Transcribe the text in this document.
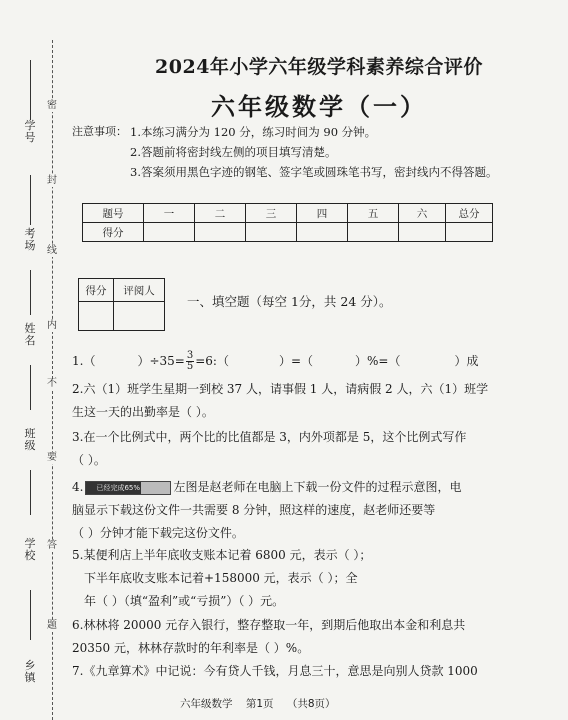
学号
考场
姓名
班级
学校
乡镇
密
封
线
内
不
要
答
题
2024年小学六年级学科素养综合评价
六年级数学（一）
注意事项： 1.本练习满分为 120 分，练习时间为 90 分钟。
2.答题前将密封线左侧的项目填写清楚。
3.答案须用黑色字迹的钢笔、签字笔或圆珠笔书写，密封线内不得答题。
题号	一	二	三	四	五	六	总分
得分							
得分	评阅人

一、填空题（每空 1分，共 24 分）。
1.（	）$\div 35= \frac{3}{5}$ =6:（	）=（	）%=（	）成
2.六（1）班学生星期一到校 37 人，请事假 1 人，请病假 2 人，六（1）班学
生这一天的出勤率是（ ）。
3.在一个比例式中，两个比的比值都是 3，内外项都是 5，这个比例式写作
（ ）。
4. 已经完成65%	左图是赵老师在电脑上下载一份文件的过程示意图，电
脑显示下载这份文件一共需要 8 分钟，照这样的速度，赵老师还要等
（ ）分钟才能下载完这份文件。
5.某便利店上半年底收支账本记着 6800 元，表示（ ）；
下半年底收支账本记着+158000 元，表示（ ）；全
年（ ）（填“盈利”或“亏损”）（ ）元。
6.林林将 20000 元存入银行，整存整取一年，到期后他取出本金和利息共
20350 元，林林存款时的年利率是（ ）%。
7.《九章算术》中记说：今有贷人千钱，月息三十，意思是向别人贷款 1000
六年级数学 第1页 （共8页）
